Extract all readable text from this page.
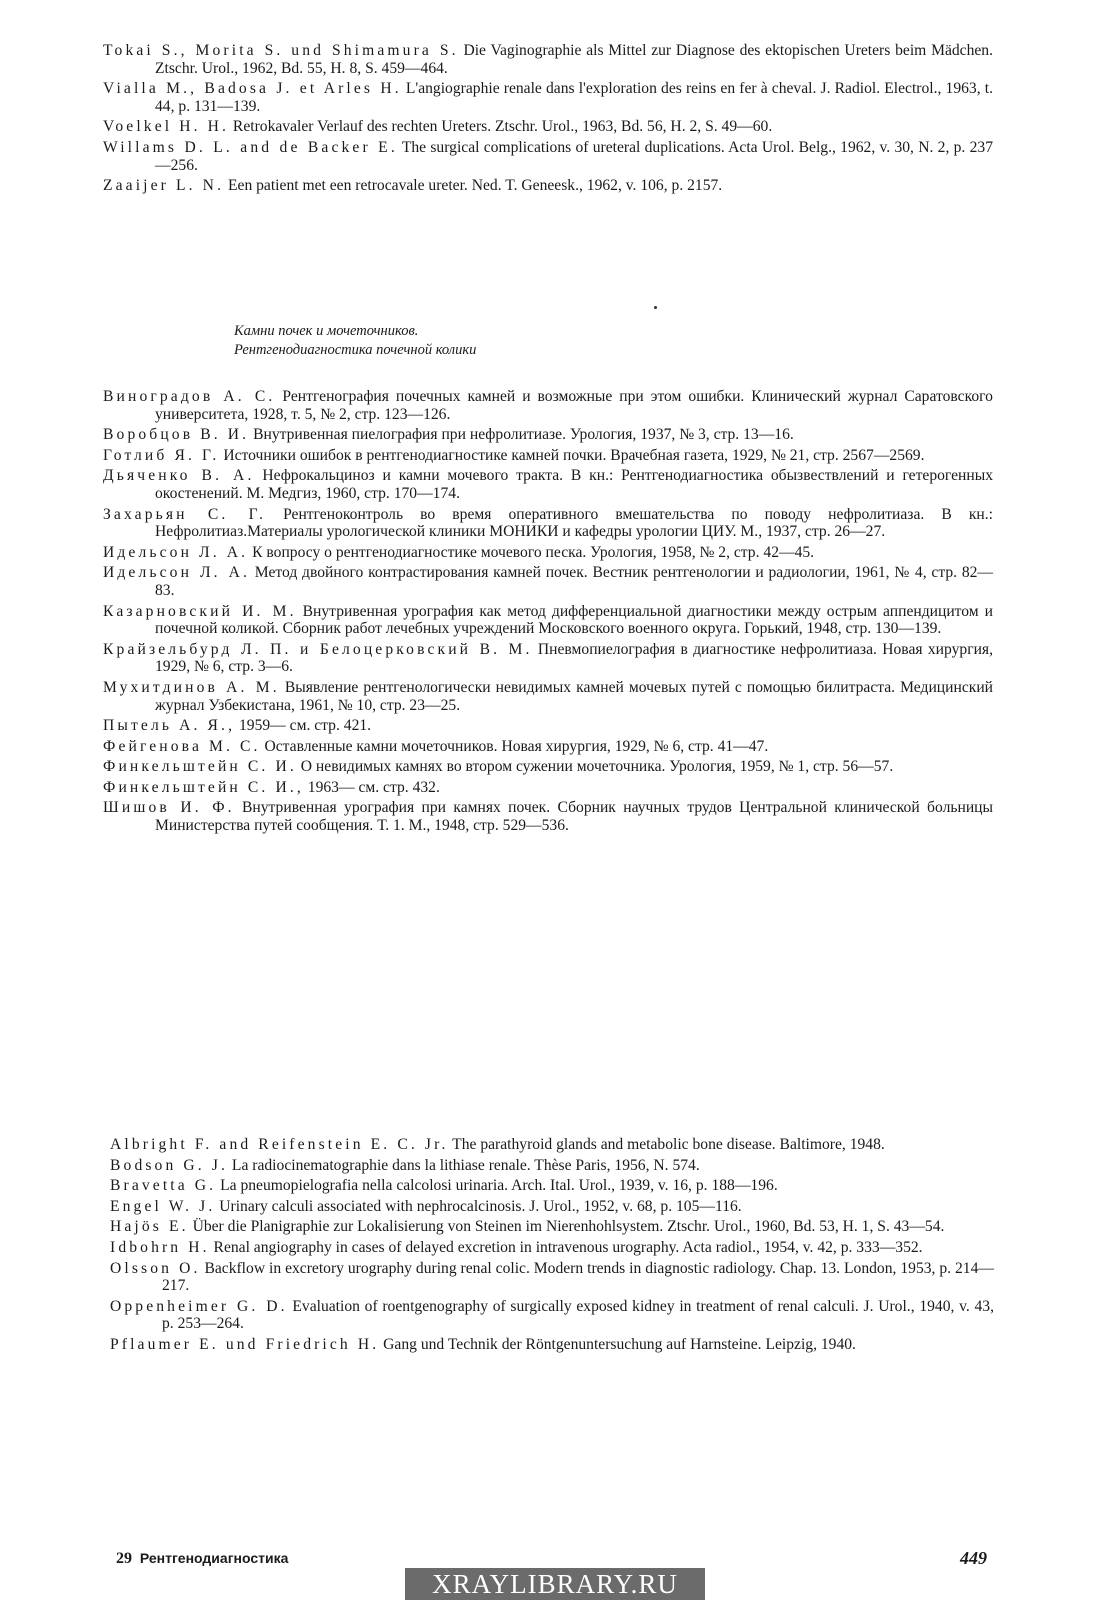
Tokai S., Morita S. und Shimamura S. Die Vaginographie als Mittel zur Diagnose des ektopischen Ureters beim Mädchen. Ztschr. Urol., 1962, Bd. 55, H. 8, S. 459—464.
Vialla M., Badosa J. et Arles H. L'angiographie renale dans l'exploration des reins en fer à cheval. J. Radiol. Electrol., 1963, t. 44, p. 131—139.
Voelkel H. H. Retrokavaler Verlauf des rechten Ureters. Ztschr. Urol., 1963, Bd. 56, H. 2, S. 49—60.
Willams D. L. and de Backer E. The surgical complications of ureteral duplications. Acta Urol. Belg., 1962, v. 30, N. 2, p. 237—256.
Zaaijer L. N. Een patient met een retrocavale ureter. Ned. T. Geneesk., 1962, v. 106, p. 2157.
Камни почек и мочеточников.
Рентгенодиагностика почечной колики
Виноградов А. С. Рентгенография почечных камней и возможные при этом ошибки. Клинический журнал Саратовского университета, 1928, т. 5, № 2, стр. 123—126.
Воробцов В. И. Внутривенная пиелография при нефролитиазе. Урология, 1937, № 3, стр. 13—16.
Готлиб Я. Г. Источники ошибок в рентгенодиагностике камней почки. Врачебная газета, 1929, № 21, стр. 2567—2569.
Дьяченко В. А. Нефрокальциноз и камни мочевого тракта. В кн.: Рентгенодиагностика обызвествлений и гетерогенных окостенений. М. Медгиз, 1960, стр. 170—174.
Захарьян С. Г. Рентгеноконтроль во время оперативного вмешательства по поводу нефролитиаза. В кн.: Нефролитиаз.Материалы урологической клиники МОНИКИ и кафедры урологии ЦИУ. М., 1937, стр. 26—27.
Идельсон Л. А. К вопросу о рентгенодиагностике мочевого песка. Урология, 1958, № 2, стр. 42—45.
Идельсон Л. А. Метод двойного контрастирования камней почек. Вестник рентгенологии и радиологии, 1961, № 4, стр. 82—83.
Казарновский И. М. Внутривенная урография как метод дифференциальной диагностики между острым аппендицитом и почечной коликой. Сборник работ лечебных учреждений Московского военного округа. Горький, 1948, стр. 130—139.
Крайзельбурд Л. П. и Белоцерковский В. М. Пневмопиелография в диагностике нефролитиаза. Новая хирургия, 1929, № 6, стр. 3—6.
Мухитдинов А. М. Выявление рентгенологически невидимых камней мочевых путей с помощью билитраста. Медицинский журнал Узбекистана, 1961, № 10, стр. 23—25.
Пытель А. Я., 1959— см. стр. 421.
Фейгенова М. С. Оставленные камни мочеточников. Новая хирургия, 1929, № 6, стр. 41—47.
Финкельштейн С. И. О невидимых камнях во втором сужении мочеточника. Урология, 1959, № 1, стр. 56—57.
Финкельштейн С. И., 1963— см. стр. 432.
Шишов И. Ф. Внутривенная урография при камнях почек. Сборник научных трудов Центральной клинической больницы Министерства путей сообщения. Т. 1. М., 1948, стр. 529—536.
Albright F. and Reifenstein E. C. Jr. The parathyroid glands and metabolic bone disease. Baltimore, 1948.
Bodson G. J. La radiocinematographie dans la lithiase renale. Thèse Paris, 1956, N. 574.
Bravetta G. La pneumopielografia nella calcolosi urinaria. Arch. Ital. Urol., 1939, v. 16, p. 188—196.
Engel W. J. Urinary calculi associated with nephrocalcinosis. J. Urol., 1952, v. 68, p. 105—116.
Hajös E. Über die Planigraphie zur Lokalisierung von Steinen im Nierenhohlsystem. Ztschr. Urol., 1960, Bd. 53, H. 1, S. 43—54.
Idbohrn H. Renal angiography in cases of delayed excretion in intravenous urography. Acta radiol., 1954, v. 42, p. 333—352.
Olsson O. Backflow in excretory urography during renal colic. Modern trends in diagnostic radiology. Chap. 13. London, 1953, p. 214—217.
Oppenheimer G. D. Evaluation of roentgenography of surgically exposed kidney in treatment of renal calculi. J. Urol., 1940, v. 43, p. 253—264.
Pflaumer E. und Friedrich H. Gang und Technik der Röntgenuntersuchung auf Harnsteine. Leipzig, 1940.
29 Рентгенодиагностика	449
XRAYLIBRARY.RU
